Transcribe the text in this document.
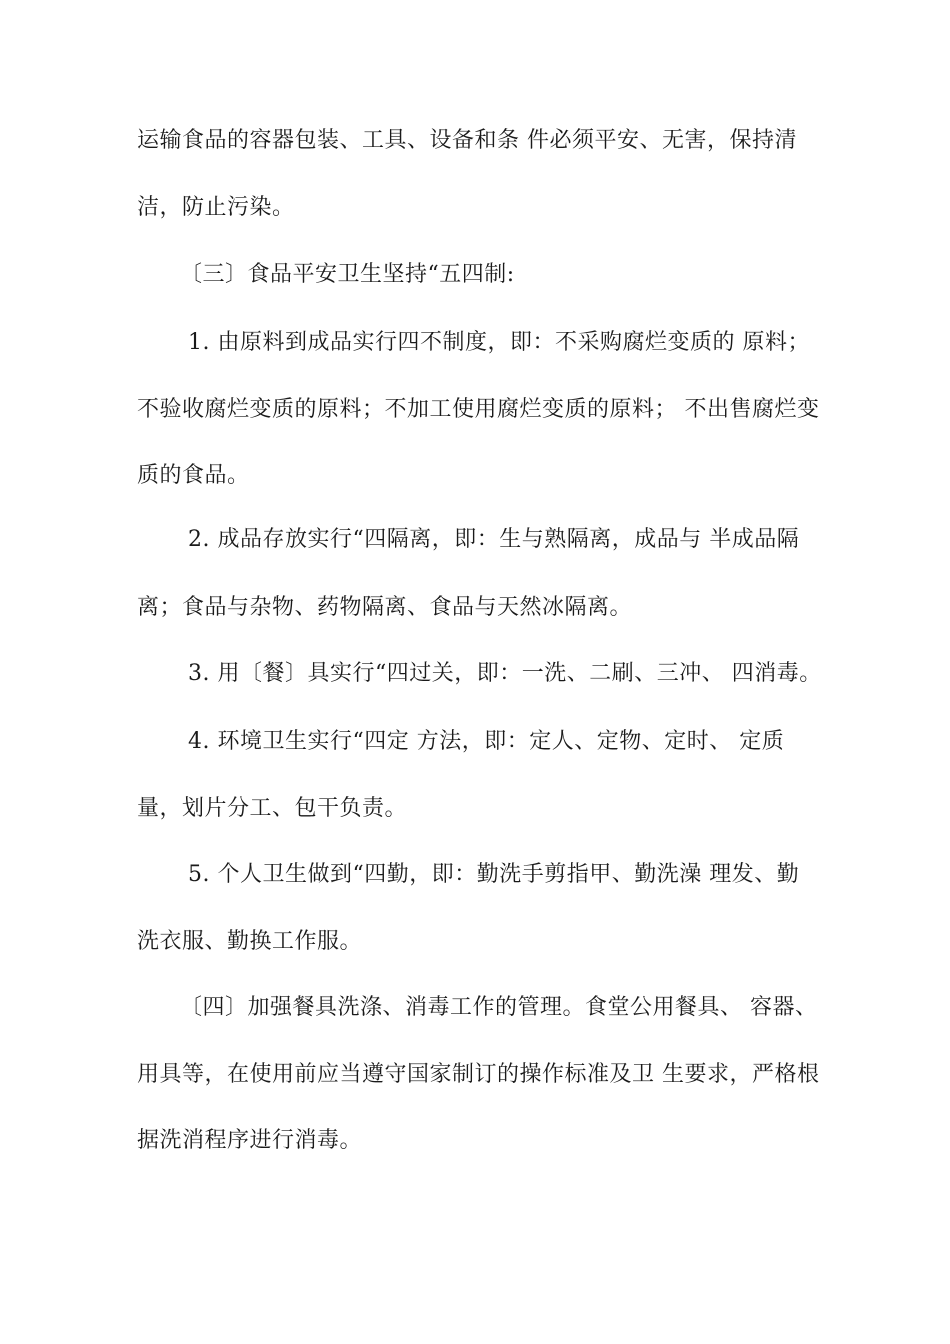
运输食品的容器包装、工具、设备和条 件必须平安、无害，保持清
洁，防止污染。
〔三〕食品平安卫生坚持“五四制:
1. 由原料到成品实行四不制度，即：不采购腐烂变质的 原料；
不验收腐烂变质的原料；不加工使用腐烂变质的原料； 不出售腐烂变
质的食品。
2. 成品存放实行“四隔离，即：生与熟隔离，成品与 半成品隔
离；食品与杂物、药物隔离、食品与天然冰隔离。
3. 用〔餐〕具实行“四过关，即：一洗、二刷、三冲、 四消毒。
4. 环境卫生实行“四定 方法，即：定人、定物、定时、 定质
量，划片分工、包干负责。
5. 个人卫生做到“四勤，即：勤洗手剪指甲、勤洗澡 理发、勤
洗衣服、勤换工作服。
〔四〕加强餐具洗涤、消毒工作的管理。食堂公用餐具、 容器、
用具等，在使用前应当遵守国家制订的操作标准及卫 生要求，严格根
据洗消程序进行消毒。
